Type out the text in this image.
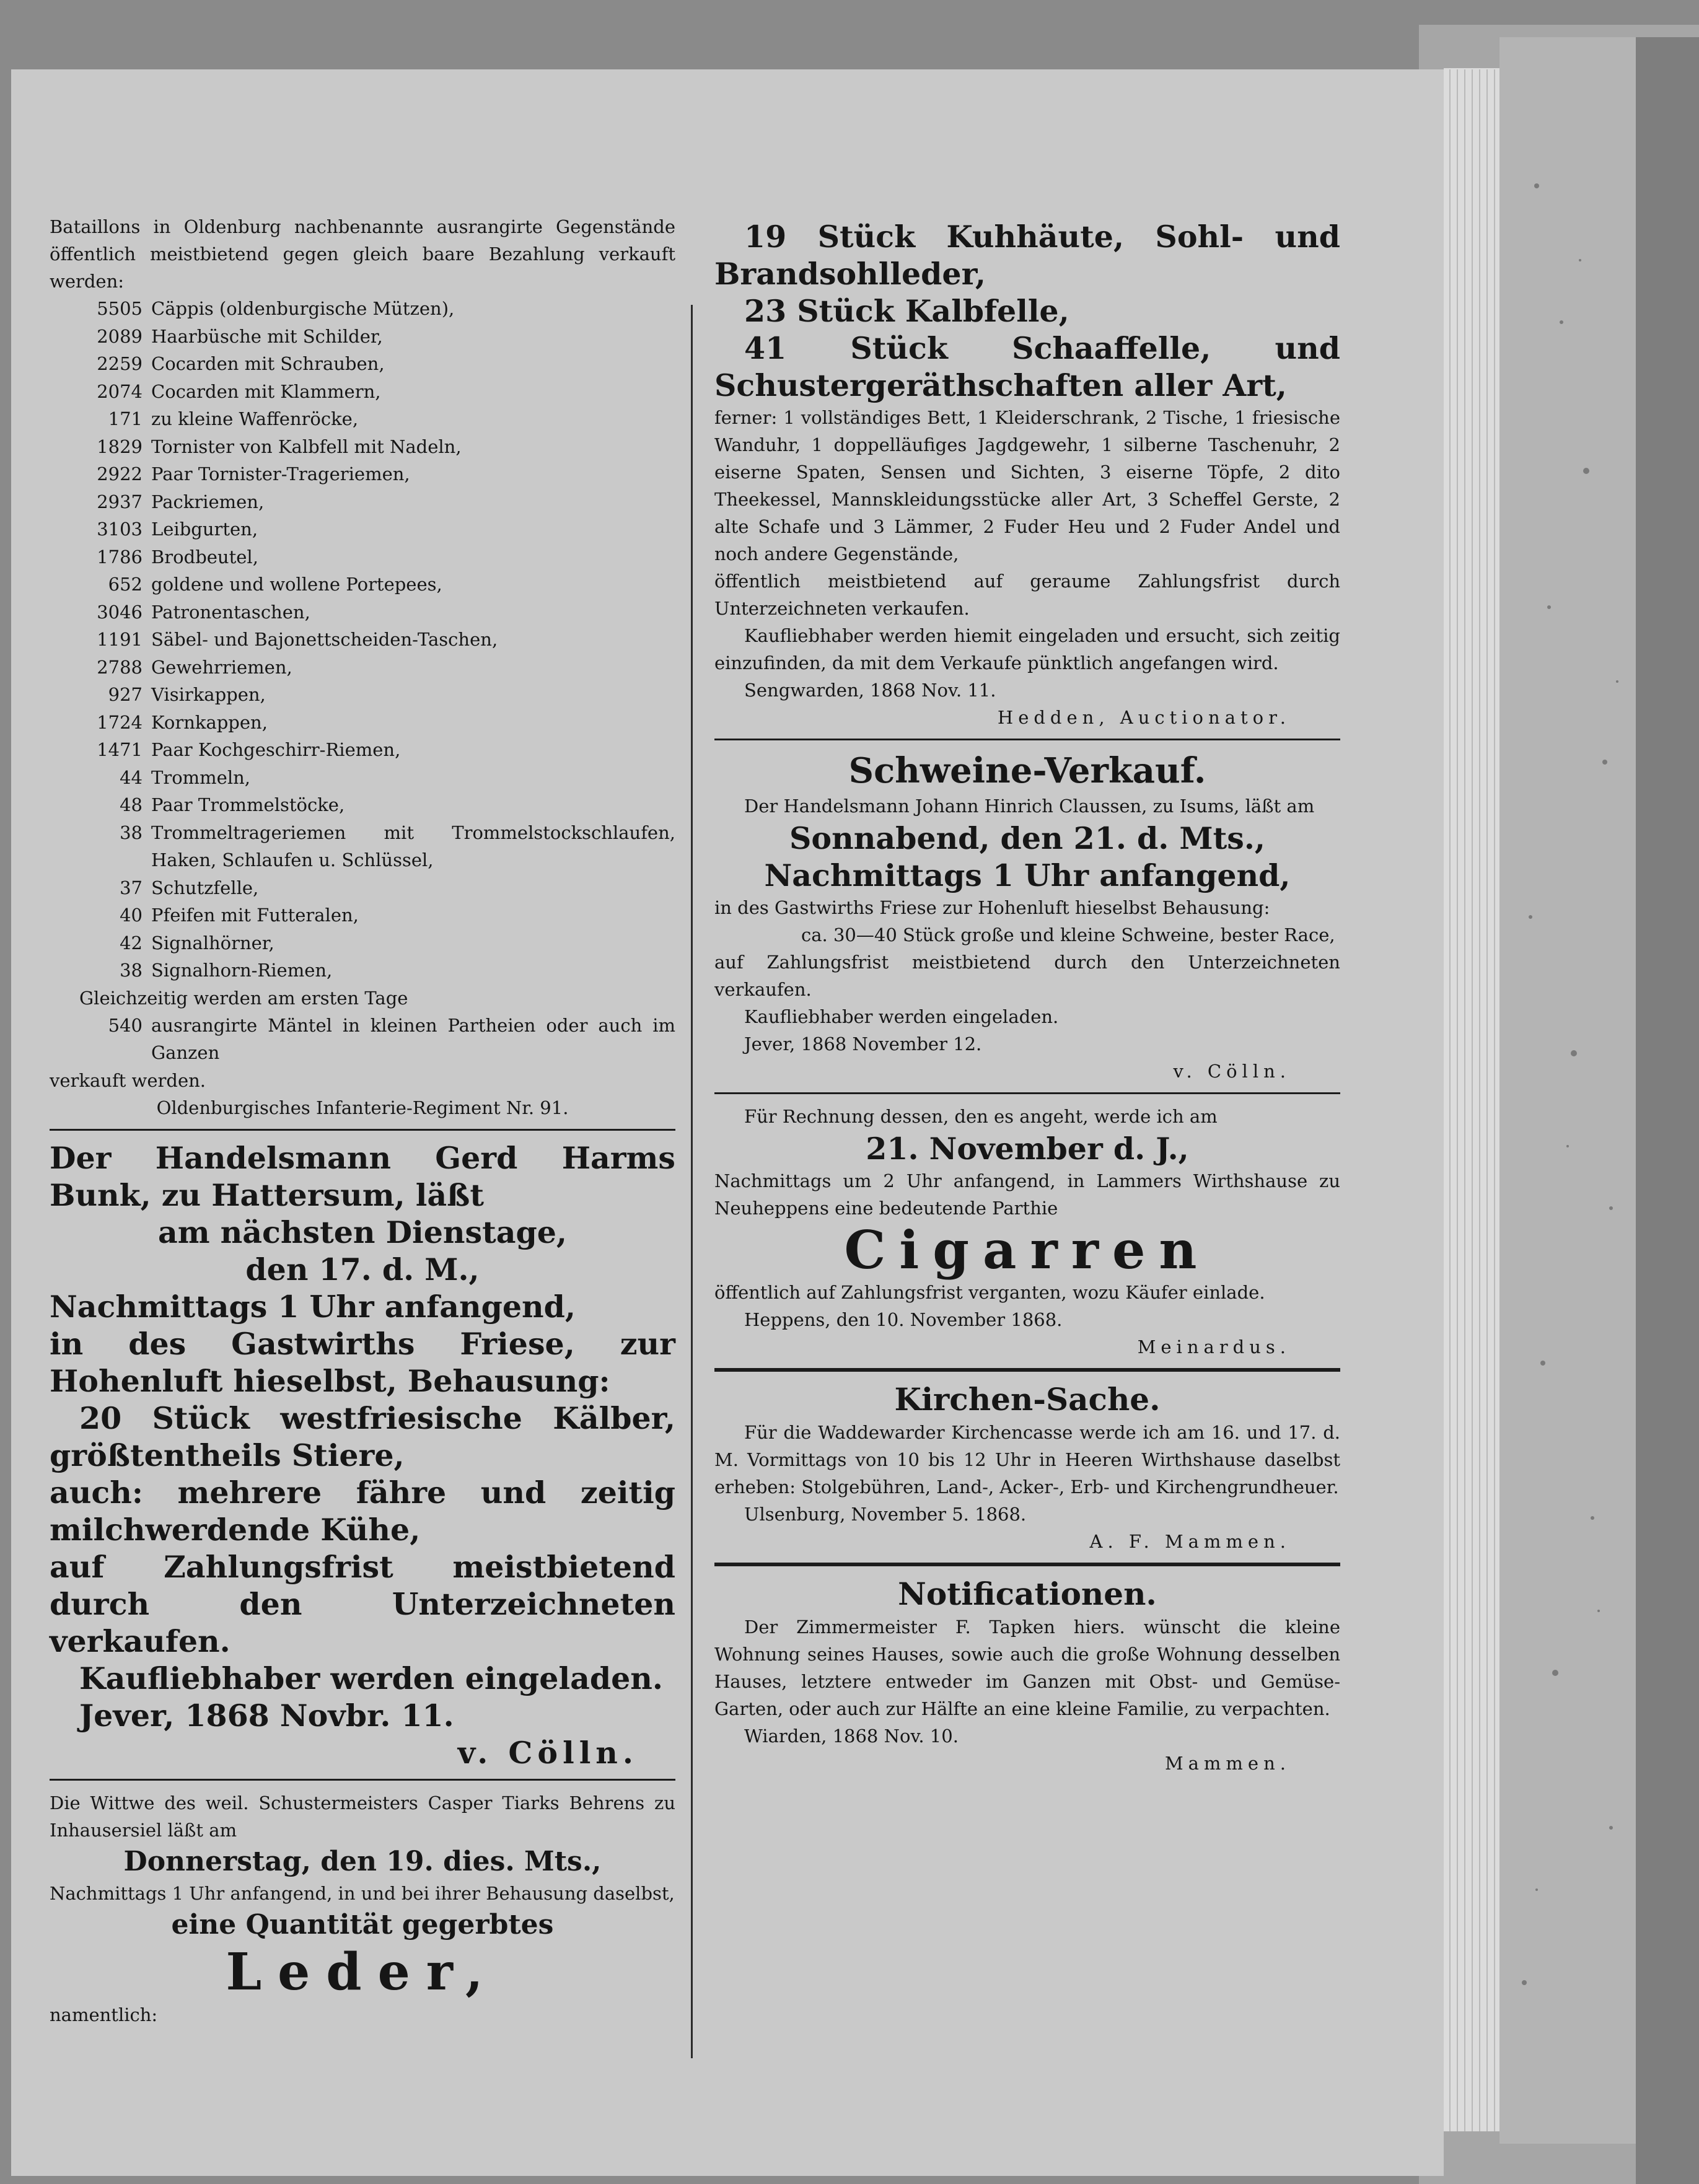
Bataillons in Oldenburg nachbenannte ausrangirte Gegenstände öffentlich meistbietend gegen gleich baare Bezahlung verkauft werden:

5505 Cäppis (oldenburgische Mützen),
2089 Haarbüsche mit Schilder,
2259 Cocarden mit Schrauben,
2074 Cocarden mit Klammern,
171 zu kleine Waffenröcke,
1829 Tornister von Kalbfell mit Nadeln,
2922 Paar Tornister-Trageriemen,
2937 Packriemen,
3103 Leibgurten,
1786 Brodbeutel,
652 goldene und wollene Portepees,
3046 Patronentaschen,
1191 Säbel- und Bajonettscheiden-Taschen,
2788 Gewehrriemen,
927 Visirkappen,
1724 Kornkappen,
1471 Paar Kochgeschirr-Riemen,
44 Trommeln,
48 Paar Trommelstöcke,
38 Trommeltrageriemen mit Trommelstockschlaufen, Haken, Schlaufen u. Schlüssel,
37 Schutzfelle,
40 Pfeifen mit Futteralen,
42 Signalhörner,
38 Signalhorn-Riemen,

Gleichzeitig werden am ersten Tage

540 ausrangirte Mäntel in kleinen Partheien oder auch im Ganzen

verkauft werden.

Oldenburgisches Infanterie-Regiment Nr. 91.

Der Handelsmann Gerd Harms Bunk, zu Hattersum, läßt

am nächsten Dienstage,

den 17. d. M.,

Nachmittags 1 Uhr anfangend,

in des Gastwirths Friese, zur Hohenluft hieselbst, Behausung:

20 Stück westfriesische Kälber, größtentheils Stiere,

auch: mehrere fähre und zeitig milchwerdende Kühe,

auf Zahlungsfrist meistbietend durch den Unterzeichneten verkaufen.

Kaufliebhaber werden eingeladen.

Jever, 1868 Novbr. 11.

v. Cölln.

Die Wittwe des weil. Schustermeisters Casper Tiarks Behrens zu Inhausersiel läßt am

Donnerstag, den 19. dies. Mts.,

Nachmittags 1 Uhr anfangend, in und bei ihrer Behausung daselbst,

eine Quantität gegerbtes

Leder,

namentlich:

19 Stück Kuhhäute, Sohl- und Brandsohlleder,

23 Stück Kalbfelle,

41 Stück Schaaffelle, und Schustergeräthschaften aller Art,

ferner: 1 vollständiges Bett, 1 Kleiderschrank, 2 Tische, 1 friesische Wanduhr, 1 doppelläufiges Jagdgewehr, 1 silberne Taschenuhr, 2 eiserne Spaten, Sensen und Sichten, 3 eiserne Töpfe, 2 dito Theekessel, Mannskleidungsstücke aller Art, 3 Scheffel Gerste, 2 alte Schafe und 3 Lämmer, 2 Fuder Heu und 2 Fuder Andel und noch andere Gegenstände,

öffentlich meistbietend auf geraume Zahlungsfrist durch Unterzeichneten verkaufen.

Kaufliebhaber werden hiemit eingeladen und ersucht, sich zeitig einzufinden, da mit dem Verkaufe pünktlich angefangen wird.

Sengwarden, 1868 Nov. 11.

Hedden, Auctionator.

Schweine-Verkauf.

Der Handelsmann Johann Hinrich Claussen, zu Isums, läßt am

Sonnabend, den 21. d. Mts.,

Nachmittags 1 Uhr anfangend,

in des Gastwirths Friese zur Hohenluft hieselbst Behausung:

ca. 30—40 Stück große und kleine Schweine, bester Race,

auf Zahlungsfrist meistbietend durch den Unterzeichneten verkaufen.

Kaufliebhaber werden eingeladen.

Jever, 1868 November 12.

v. Cölln.

Für Rechnung dessen, den es angeht, werde ich am

21. November d. J.,

Nachmittags um 2 Uhr anfangend, in Lammers Wirthshause zu Neuheppens eine bedeutende Parthie

Cigarren

öffentlich auf Zahlungsfrist verganten, wozu Käufer einlade.

Heppens, den 10. November 1868.

Meinardus.

Kirchen-Sache.

Für die Waddewarder Kirchencasse werde ich am 16. und 17. d. M. Vormittags von 10 bis 12 Uhr in Heeren Wirthshause daselbst erheben: Stolgebühren, Land-, Acker-, Erb- und Kirchengrundheuer.

Ulsenburg, November 5. 1868.

A. F. Mammen.

Notificationen.

Der Zimmermeister F. Tapken hiers. wünscht die kleine Wohnung seines Hauses, sowie auch die große Wohnung desselben Hauses, letztere entweder im Ganzen mit Obst- und Gemüse-Garten, oder auch zur Hälfte an eine kleine Familie, zu verpachten.

Wiarden, 1868 Nov. 10.

Mammen.
